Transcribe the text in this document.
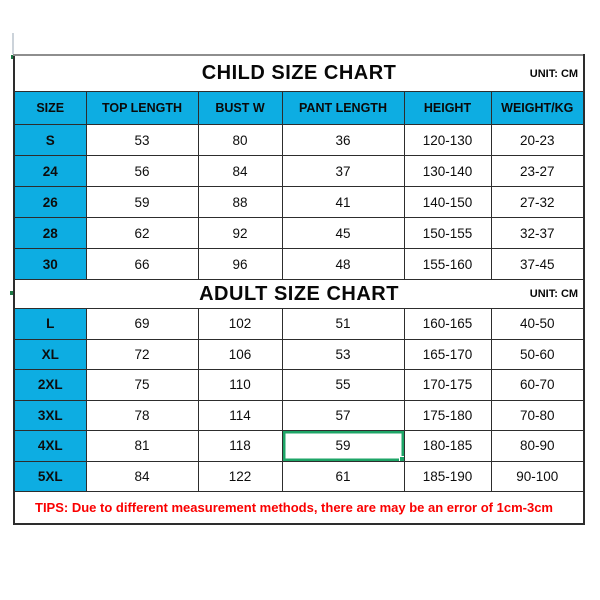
CHILD SIZE CHART UNIT: CM					

SIZE	TOP LENGTH	BUST W	PANT LENGTH	HEIGHT	WEIGHT/KG
S	53	80	36	120-130	20-23
24	56	84	37	130-140	23-27
26	59	88	41	140-150	27-32
28	62	92	45	150-155	32-37
30	66	96	48	155-160	37-45
ADULT SIZE CHART UNIT: CM					

L	69	102	51	160-165	40-50
XL	72	106	53	165-170	50-60
2XL	75	110	55	170-175	60-70
3XL	78	114	57	175-180	70-80
4XL	81	118	59	180-185	80-90
5XL	84	122	61	185-190	90-100
TIPS: Due to different measurement methods, there are may be an error of 1cm-3cm					
